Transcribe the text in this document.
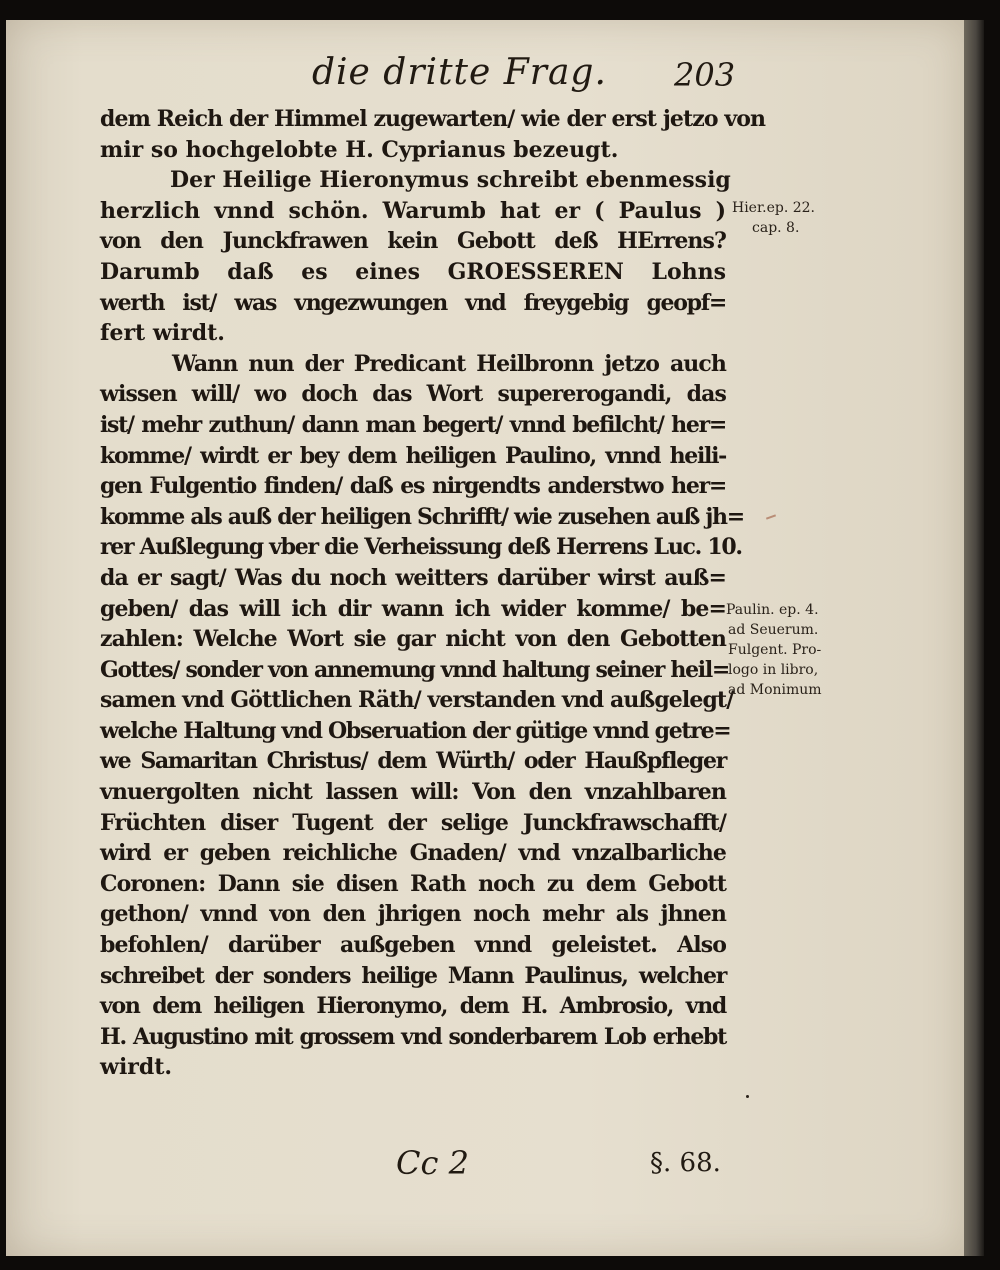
die dritte Frag. 203
dem Reich der Himmel zugewarten/ wie der erst jetzo von
mir so hochgelobte H. Cyprianus bezeugt.
Der Heilige Hieronymus schreibt ebenmessig
herzlich vnnd schön. Warumb hat er ( Paulus )
von den Junckfrawen kein Gebott deß HErrens?
Darumb daß es eines GROESSEREN Lohns
werth ist/ was vngezwungen vnd freygebig geopf=
fert wirdt.
Wann nun der Predicant Heilbronn jetzo auch
wissen will/ wo doch das Wort supererogandi, das
ist/ mehr zuthun/ dann man begert/ vnnd befilcht/ her=
komme/ wirdt er bey dem heiligen Paulino, vnnd heili-
gen Fulgentio finden/ daß es nirgendts anderstwo her=
komme als auß der heiligen Schrifft/ wie zusehen auß jh=
rer Außlegung vber die Verheissung deß Herrens Luc. 10.
da er sagt/ Was du noch weitters darüber wirst auß=
geben/ das will ich dir wann ich wider komme/ be=
zahlen: Welche Wort sie gar nicht von den Gebotten
Gottes/ sonder von annemung vnnd haltung seiner heil=
samen vnd Göttlichen Räth/ verstanden vnd außgelegt/
welche Haltung vnd Obseruation der gütige vnnd getre=
we Samaritan Christus/ dem Würth/ oder Haußpfleger
vnuergolten nicht lassen will: Von den vnzahlbaren
Früchten diser Tugent der selige Junckfrawschafft/
wird er geben reichliche Gnaden/ vnd vnzalbarliche
Coronen: Dann sie disen Rath noch zu dem Gebott
gethon/ vnnd von den jhrigen noch mehr als jhnen
befohlen/ darüber außgeben vnnd geleistet. Also
schreibet der sonders heilige Mann Paulinus, welcher
von dem heiligen Hieronymo, dem H. Ambrosio, vnd
H. Augustino mit grossem vnd sonderbarem Lob erhebt
wirdt.
Hier.ep. 22.
cap. 8.
Paulin. ep. 4.
ad Seuerum.
Fulgent. Pro-
logo in libro,
ad Monimum
Cc 2	§. 68.
